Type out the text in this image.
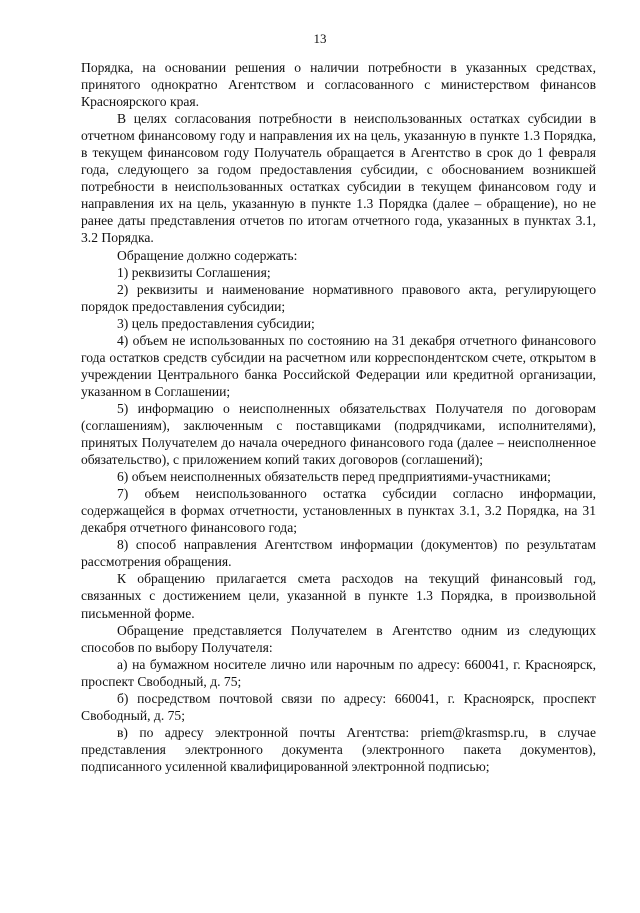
13

Порядка, на основании решения о наличии потребности в указанных средствах, принятого однократно Агентством и согласованного с министерством финансов Красноярского края.

В целях согласования потребности в неиспользованных остатках субсидии в отчетном финансовому году и направления их на цель, указанную в пункте 1.3 Порядка, в текущем финансовом году Получатель обращается в Агентство в срок до 1 февраля года, следующего за годом предоставления субсидии, с обоснованием возникшей потребности в неиспользованных остатках субсидии в текущем финансовом году и направления их на цель, указанную в пункте 1.3 Порядка (далее – обращение), но не ранее даты представления отчетов по итогам отчетного года, указанных в пунктах 3.1, 3.2 Порядка.

Обращение должно содержать:

1) реквизиты Соглашения;

2) реквизиты и наименование нормативного правового акта, регулирующего порядок предоставления субсидии;

3) цель предоставления субсидии;

4) объем не использованных по состоянию на 31 декабря отчетного финансового года остатков средств субсидии на расчетном или корреспондентском счете, открытом в учреждении Центрального банка Российской Федерации или кредитной организации, указанном в Соглашении;

5) информацию о неисполненных обязательствах Получателя по договорам (соглашениям), заключенным с поставщиками (подрядчиками, исполнителями), принятых Получателем до начала очередного финансового года (далее – неисполненное обязательство), с приложением копий таких договоров (соглашений);

6) объем неисполненных обязательств перед предприятиями-участниками;

7) объем неиспользованного остатка субсидии согласно информации, содержащейся в формах отчетности, установленных в пунктах 3.1, 3.2 Порядка, на 31 декабря отчетного финансового года;

8) способ направления Агентством информации (документов) по результатам рассмотрения обращения.

К обращению прилагается смета расходов на текущий финансовый год, связанных с достижением цели, указанной в пункте 1.3 Порядка, в произвольной письменной форме.

Обращение представляется Получателем в Агентство одним из следующих способов по выбору Получателя:

а) на бумажном носителе лично или нарочным по адресу: 660041, г. Красноярск, проспект Свободный, д. 75;

б) посредством почтовой связи по адресу: 660041, г. Красноярск, проспект Свободный, д. 75;

в) по адресу электронной почты Агентства: priem@krasmsp.ru, в случае представления электронного документа (электронного пакета документов), подписанного усиленной квалифицированной электронной подписью;
